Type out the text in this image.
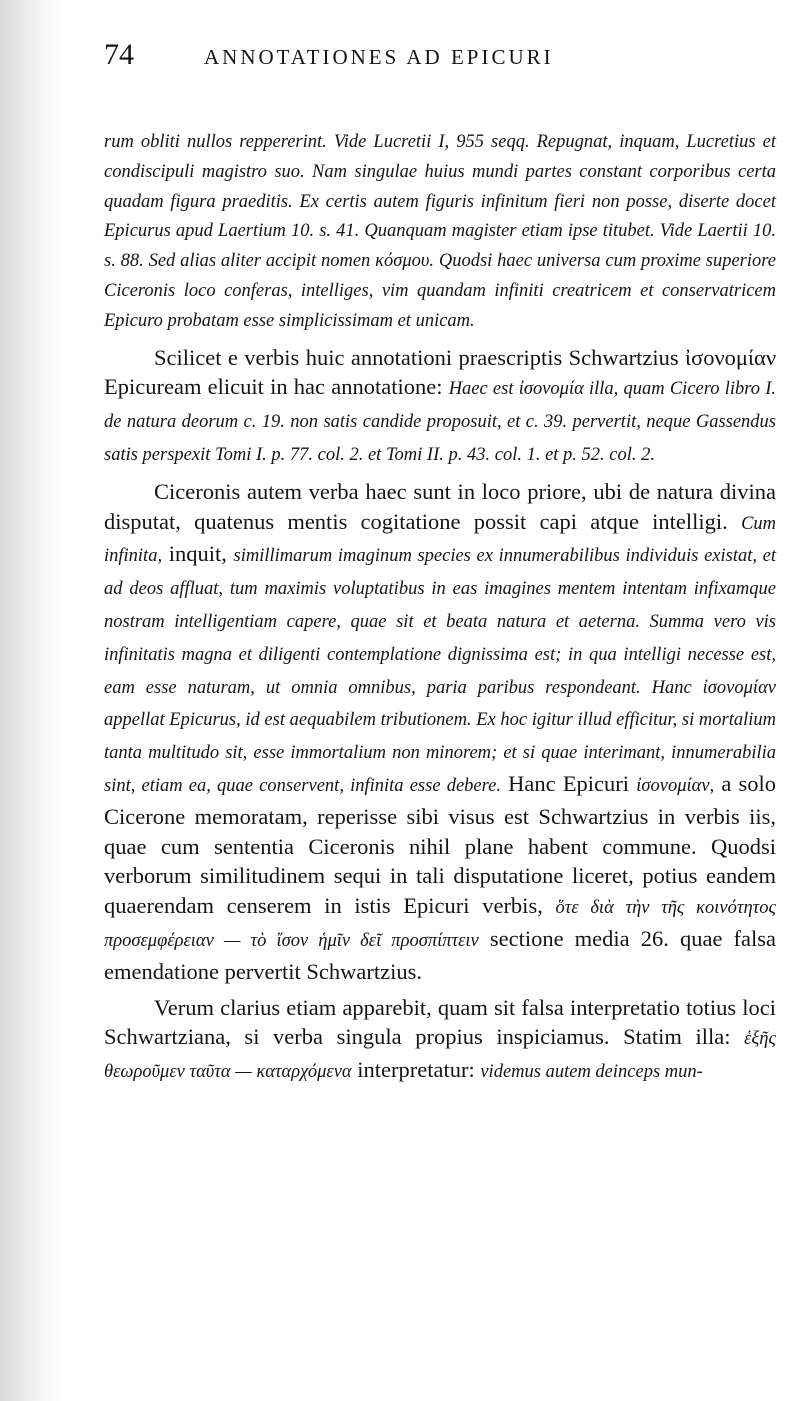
74	ANNOTATIONES AD EPICURI

rum obliti nullos reppererint. Vide Lucretii I, 955 seqq. Repugnat, inquam, Lucretius et condiscipuli magistro suo. Nam singulae huius mundi partes constant corporibus certa quadam figura praeditis. Ex certis autem figuris infinitum fieri non posse, diserte docet Epicurus apud Laertium 10. s. 41. Quanquam magister etiam ipse titubet. Vide Laertii 10. s. 88. Sed alias aliter accipit nomen κόσμου. Quodsi haec universa cum proxime superiore Ciceronis loco conferas, intelliges, vim quandam infiniti creatricem et conservatricem Epicuro probatam esse simplicissimam et unicam.

Scilicet e verbis huic annotationi praescriptis Schwartzius ἰσονομίαν Epicuream elicuit in hac annotatione: Haec est ἰσονομία illa, quam Cicero libro I. de natura deorum c. 19. non satis candide proposuit, et c. 39. pervertit, neque Gassendus satis perspexit Tomi I. p. 77. col. 2. et Tomi II. p. 43. col. 1. et p. 52. col. 2.

Ciceronis autem verba haec sunt in loco priore, ubi de natura divina disputat, quatenus mentis cogitatione possit capi atque intelligi. Cum infinita, inquit, simillimarum imaginum species ex innumerabilibus individuis existat, et ad deos affluat, tum maximis voluptatibus in eas imagines mentem intentam infixamque nostram intelligentiam capere, quae sit et beata natura et aeterna. Summa vero vis infinitatis magna et diligenti contemplatione dignissima est; in qua intelligi necesse est, eam esse naturam, ut omnia omnibus, paria paribus respondeant. Hanc ἰσονομίαν appellat Epicurus, id est aequabilem tributionem. Ex hoc igitur illud efficitur, si mortalium tanta multitudo sit, esse immortalium non minorem; et si quae interimant, innumerabilia sint, etiam ea, quae conservent, infinita esse debere. Hanc Epicuri ἰσονομίαν, a solo Cicerone memoratam, reperisse sibi visus est Schwartzius in verbis iis, quae cum sententia Ciceronis nihil plane habent commune. Quodsi verborum similitudinem sequi in tali disputatione liceret, potius eandem quaerendam censerem in istis Epicuri verbis, ὅτε διὰ τὴν τῆς κοινότητος προσεμφέρειαν — τὸ ἴσον ἡμῖν δεῖ προσπίπτειν sectione media 26. quae falsa emendatione pervertit Schwartzius.

Verum clarius etiam apparebit, quam sit falsa interpretatio totius loci Schwartziana, si verba singula propius inspiciamus. Statim illa: ἑξῆς θεωροῦμεν ταῦτα — καταρχόμενα interpretatur: videmus autem deinceps mun-
